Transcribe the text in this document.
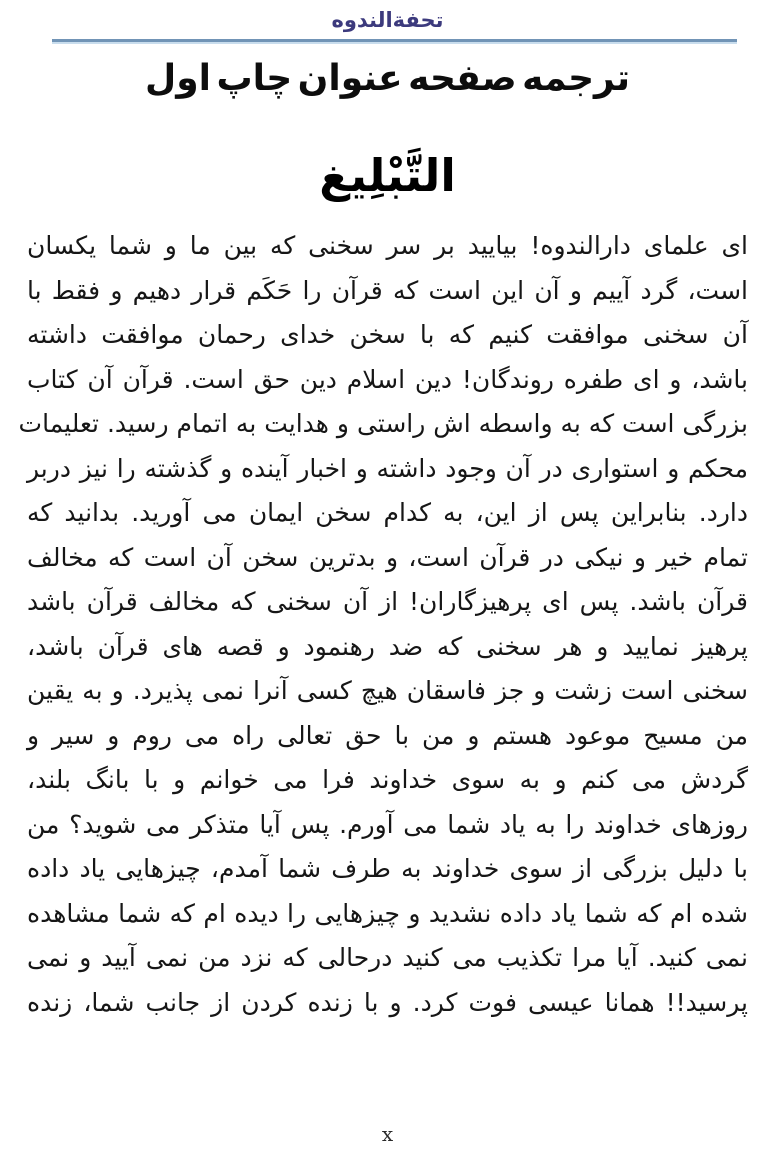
تحفةالندوه
ترجمه صفحه عنوان چاپ اول
التَّبْلِيغ
ای علمای دارالندوه! بیایید بر سر سخنی که بین ما و شما یکسان
است، گرد آییم و آن این است که قرآن را حَکَم قرار دهیم و فقط با
آن سخنی موافقت کنیم که با سخن خدای رحمان موافقت داشته
باشد، و ای طفره روندگان! دین اسلام دین حق است. قرآن آن کتاب
بزرگی است که به واسطه اش راستی و هدایت به اتمام رسید. تعلیمات
محکم و استواری در آن وجود داشته و اخبار آینده و گذشته را نیز دربر
دارد. بنابراین پس از این، به کدام سخن ایمان می آورید. بدانید که
تمام خیر و نیکی در قرآن است، و بدترین سخن آن است که مخالف
قرآن باشد. پس ای پرهیزگاران! از آن سخنی که مخالف قرآن باشد
پرهیز نمایید و هر سخنی که ضد رهنمود و قصه های قرآن باشد،
سخنی است زشت و جز فاسقان هیچ کسی آنرا نمی پذیرد. و به یقین
من مسیح موعود هستم و من با حق تعالی راه می روم و سیر و
گردش می کنم و به سوی خداوند فرا می خوانم و با بانگ بلند،
روزهای خداوند را به یاد شما می آورم. پس آیا متذکر می شوید؟ من
با دلیل بزرگی از سوی خداوند به طرف شما آمدم، چیزهایی یاد داده
شده ام که شما یاد داده نشدید و چیزهایی را دیده ام که شما مشاهده
نمی کنید. آیا مرا تکذیب می کنید درحالی که نزد من نمی آیید و نمی
پرسید!! همانا عیسی فوت کرد. و با زنده کردن از جانب شما، زنده
x
